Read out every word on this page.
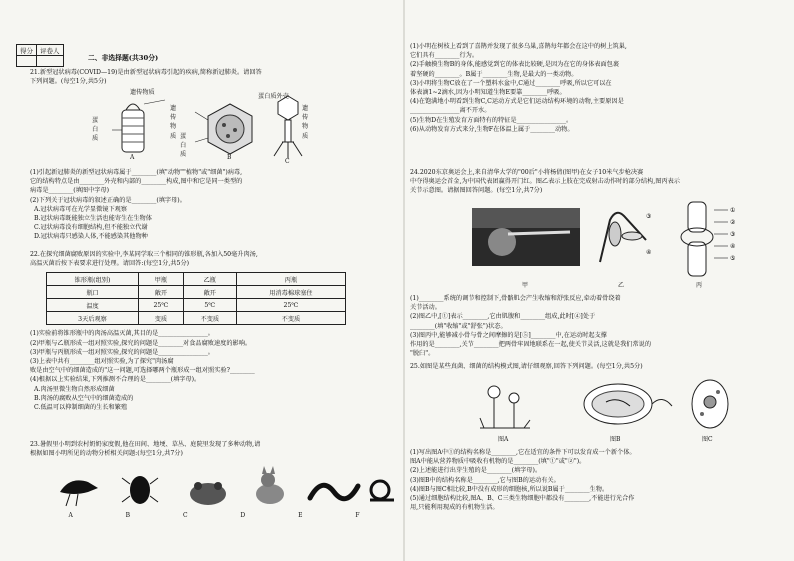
得分	评卷人

二、非选择题(共30分)
21.新型冠状病毒(COVID—19)是由新型冠状病毒引起的疾病,简称新冠肺炎。请回答
下列问题。(每空1分,共5分)
遗传物质
蛋白质
遗传物质 蛋白质
蛋白质外壳
遗传物质
A	B
C
(1)引起新冠肺炎的新型冠状病毒属于________(填"动物""植物"或"细菌")病毒,
它的结构特点是由________外壳和内部的________构成,图中和它是同一类型的
病毒是________(填图中字母)
(2)下列关于冠状病毒的叙述正确的是________(填字母)。
A.冠状病毒可在光学显微镜下观察
B.冠状病毒既能独立生活也能寄生在生物体
C.冠状病毒没有细胞结构,但不能独立代谢
D.冠状病毒只感染人体,不能感染其他物种
22.在探究细菌腐败原因的实验中,李某同学取三个相同的锥形瓶,各加入50毫升肉汤,
高温灭菌后按下表要求进行处理。请回答:(每空1分,共5分)
锥形瓶(组别)	甲瓶	乙瓶	丙瓶
瓶口	敞开	敞开	用消毒棉球塞住
温度	25℃	5℃	25℃
3天后观察	变质	不变质	不变质
(1)实验前将锥形瓶中的肉汤高温灭菌,其目的是________________。
(2)甲瓶与乙瓶形成一组对照实验,探究的问题是________对食品腐败速度的影响。
(3)甲瓶与丙瓶形成一组对照实验,探究的问题是________________。
(3)上表中共有________组对照实验,为了探究"肉汤腐
败是由空气中的细菌造成的"这一问题,可选择哪两个瓶形成一组对照实验?________
(4)根据以上实验结果,下列推测不合理的是________(填字母)。
A.肉汤里微生物自然形成细菌
B.肉汤的腐败从空气中的细菌造成的
C.低温可以抑制细菌的生长和繁殖
23.暑假里小明到农村奶奶家度假,他在田间、地埂、草丛、庭院里发现了多种动物,请
根据如图小明所见的动物分析相关问题:(每空1分,共7分)
A	B	C	D	E	F
(1)小明在树枝上看到了喜鹊并发现了很多乌巢,喜鹊每年都会在这中的树上筑巢,
它们具有________行为。
(2)手触摸生物B的身体,能感觉到它的体表比较硬,是因为在它的身体表面包裹
着坚硬的________。B属于________生物,是最大的一类动物。
(3)小明将生物C放在了一个塑料水盆中,C通过________呼吸,所以它可以在
体表滴1~2滴水,因为小明知道生物E要靠________呼吸。
(4)在饱满地小明看到生物C,C运动方式是它们运动结构环境的动物,主要原因是
________________离不开水。
(5)生物D在生殖发育方面特有的特征是________________。
(6)从动物发育方式来分,生物F在体温上属于________动物。
24.2020东京奥运会上,来自清华大学的"00后"小将杨倩(图甲)在女子10米气步枪决赛
中夺得奥运会首金,为中国代表团赢得开门红。图乙表示上肢在完成射击动作时的部分结构,图丙表示
关节示意图。请据图回答问题。(每空1分,共7分)
③
④
①
②
③
④
⑤
甲	乙	丙
(1)________系统的调节和控制下,骨骼肌会产生收缩和舒张反应,牵动着骨绕着
关节活动。
(2)图乙中,[①]表示________,它由肌腹和________组成,此时[④]处于
________(填"收缩"或"舒张")状态。
(3)图丙中,能够减小骨与骨之间摩擦的是[⑤]________中,在运动时起支撑
作用的是________,关节________把两骨牢固地联系在一起,使关节灵活,这就是我们常说的
"脱臼"。
25.如图是某些真菌、细菌的结构模式图,请仔细观察,回答下列问题。(每空1分,共5分)
图A	图B	图C
(1)写出图A中①的结构名称是________,它在适宜的条件下可以发育成一个新个体。
图A中能从营养物质中吸收有机物的是________(填"①"或"②")。
(2)上述能进行出芽生殖的是________(填字母)。
(3)图B中的结构名称是________,它与图B的运动有关。
(4)图B与图C相比较,B中没有成形的细胞核,所以说B属于________生物。
(5)通过细胞结构比较,图A、B、C三类生物细胞中都没有________,不能进行光合作
用,只能利用现成的有机物生活。
